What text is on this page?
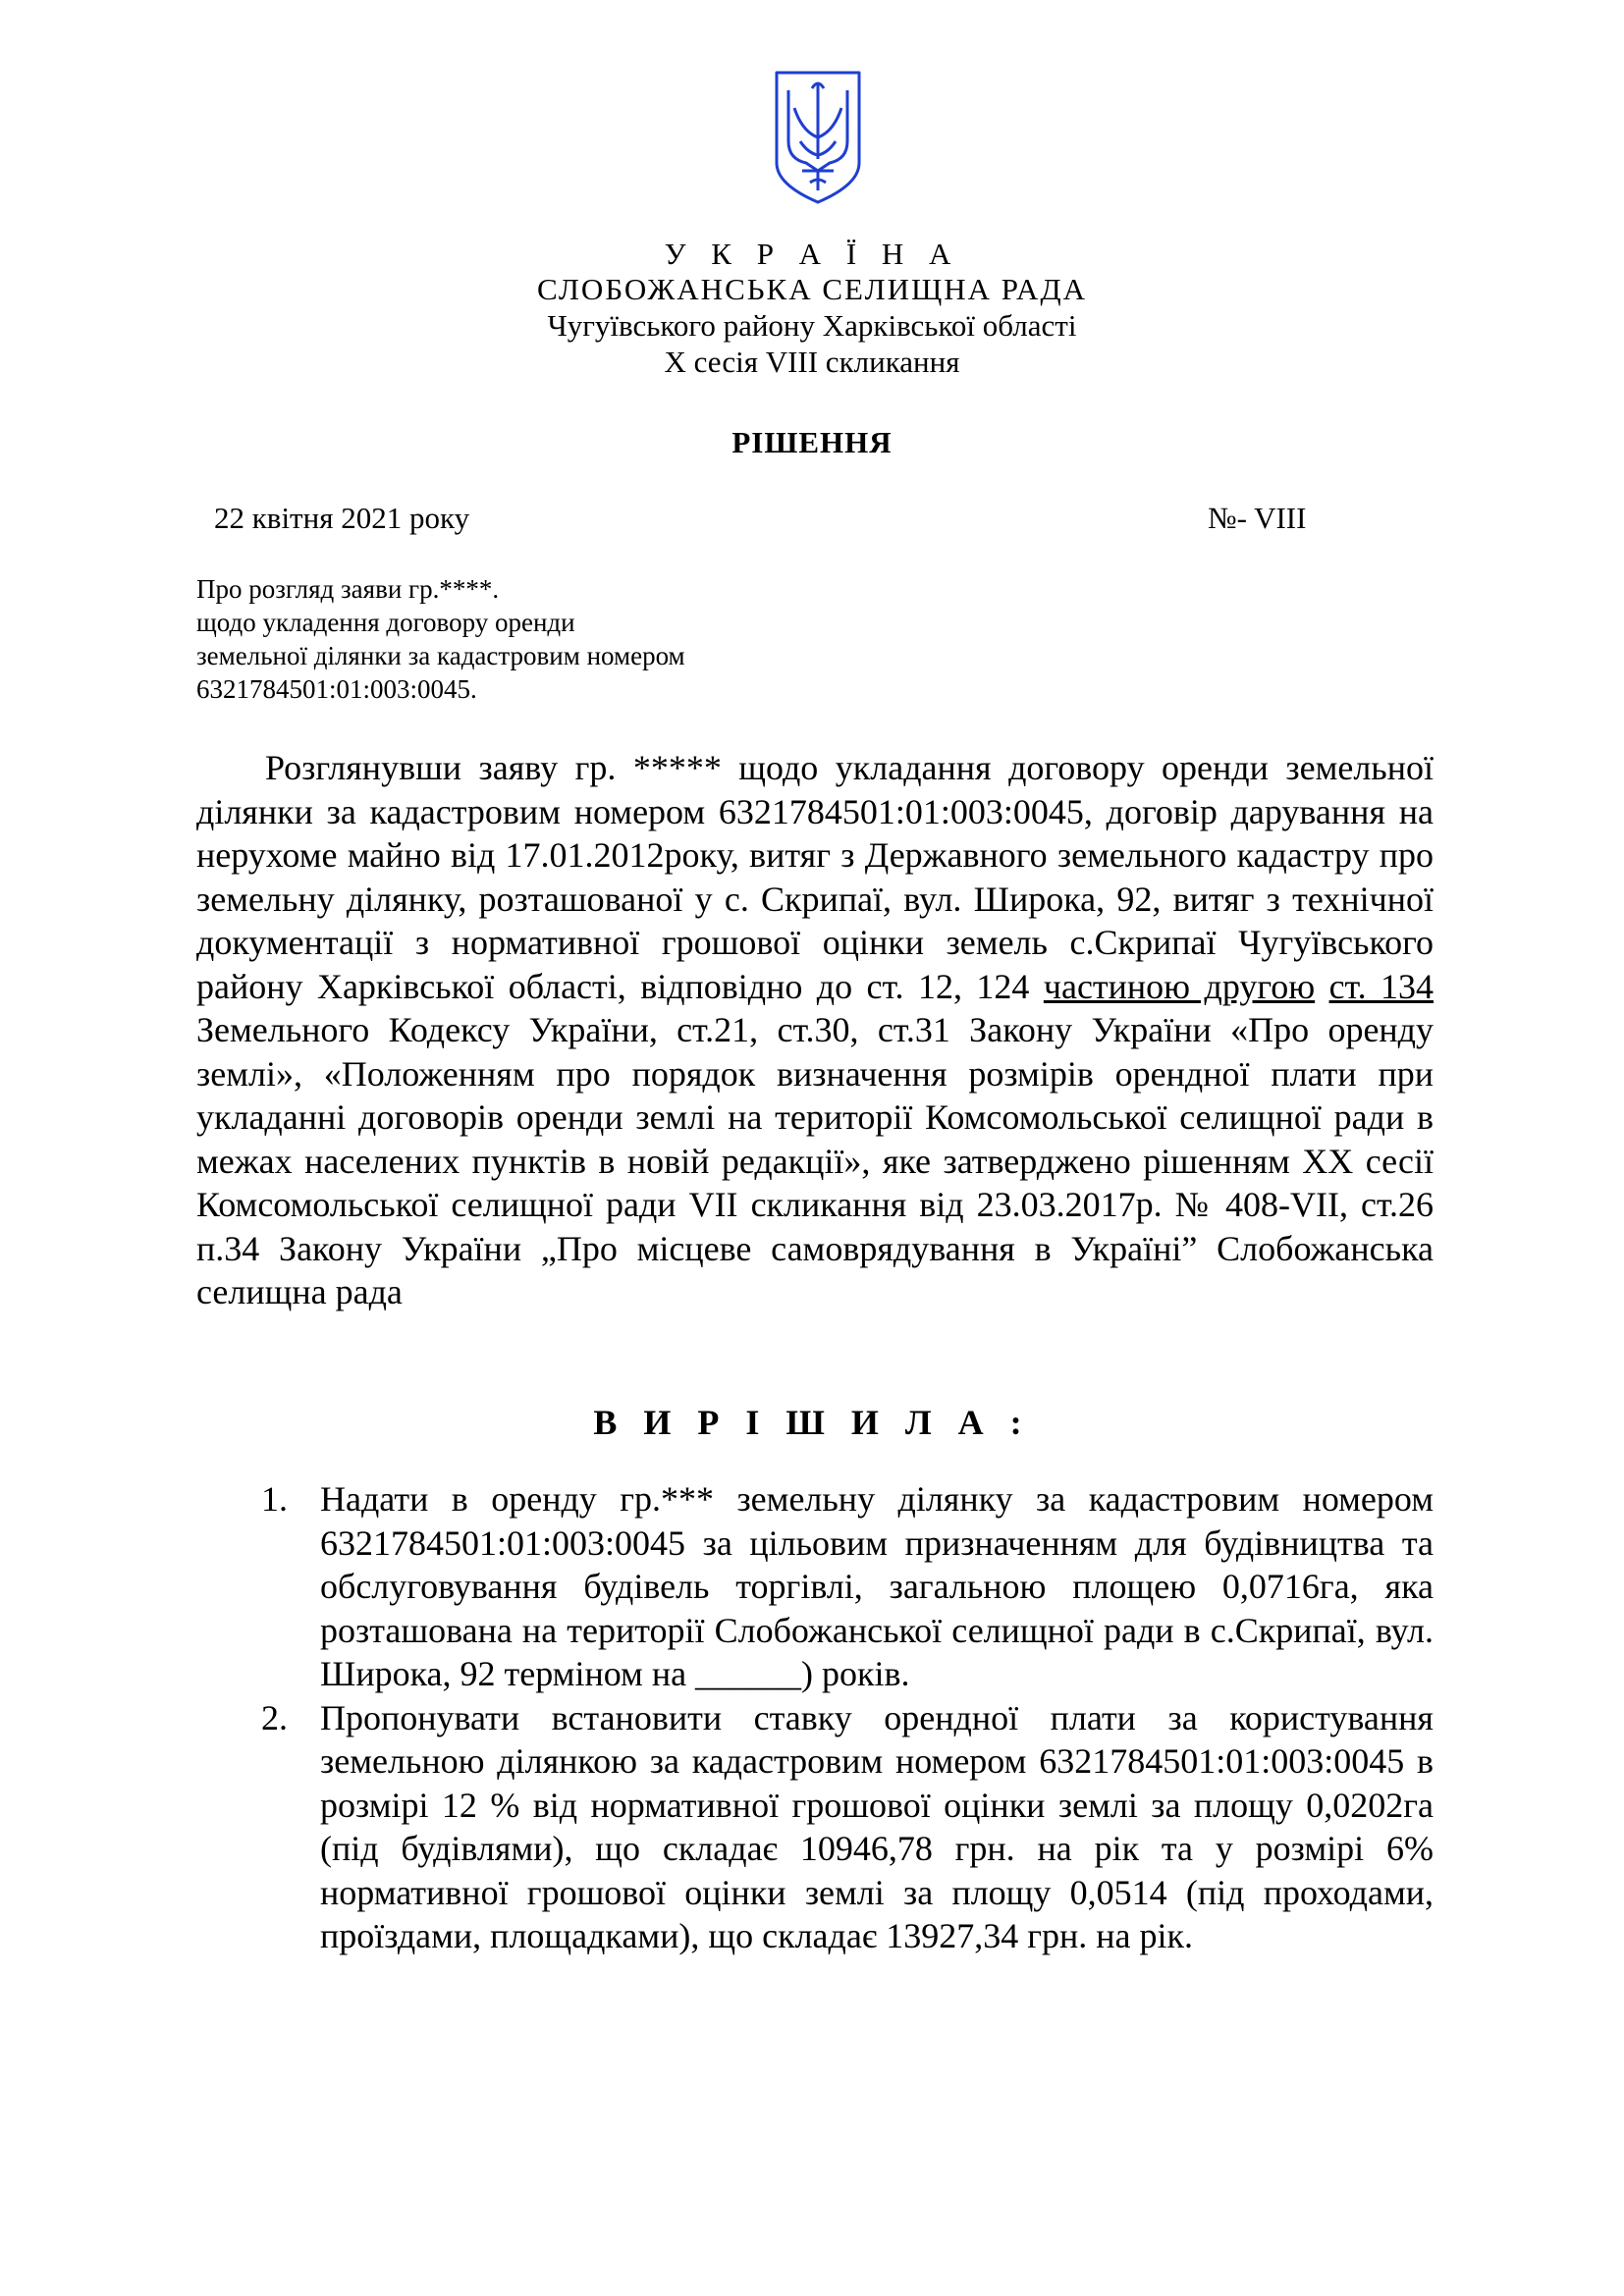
У К Р А Ї Н А
СЛОБОЖАНСЬКА СЕЛИЩНА РАДА
Чугуївського району Харківської області
Х сесія VIII скликання
РІШЕННЯ
22 квітня 2021 року	№- VIII
Про розгляд заяви гр.****.
щодо укладення договору оренди
земельної ділянки за кадастровим номером
6321784501:01:003:0045.

Розглянувши заяву гр. ***** щодо укладання договору оренди земельної ділянки за кадастровим номером 6321784501:01:003:0045, договір дарування на нерухоме майно від 17.01.2012року, витяг з Державного земельного кадастру про земельну ділянку, розташованої у с. Скрипаї, вул. Широка, 92, витяг з технічної документації з нормативної грошової оцінки земель с.Скрипаї Чугуївського району Харківської області, відповідно до ст. 12, 124 частиною другою ст. 134 Земельного Кодексу України, ст.21, ст.30, ст.31 Закону України «Про оренду землі», «Положенням про порядок визначення розмірів орендної плати при укладанні договорів оренди землі на території Комсомольської селищної ради в межах населених пунктів в новій редакції», яке затверджено рішенням ХХ сесії Комсомольської селищної ради VII скликання від 23.03.2017р. № 408-VII, ст.26 п.34 Закону України „Про місцеве самоврядування в Україні” Слобожанська селищна рада

В И Р І Ш И Л А :
1. Надати в оренду гр.*** земельну ділянку за кадастровим номером 6321784501:01:003:0045 за цільовим призначенням для будівництва та обслуговування будівель торгівлі, загальною площею 0,0716га, яка розташована на території Слобожанської селищної ради в с.Скрипаї, вул. Широка, 92 терміном на ______) років.
2. Пропонувати встановити ставку орендної плати за користування земельною ділянкою за кадастровим номером 6321784501:01:003:0045 в розмірі 12 % від нормативної грошової оцінки землі за площу 0,0202га (під будівлями), що складає 10946,78 грн. на рік та у розмірі 6% нормативної грошової оцінки землі за площу 0,0514 (під проходами, проїздами, площадками), що складає 13927,34 грн. на рік.
